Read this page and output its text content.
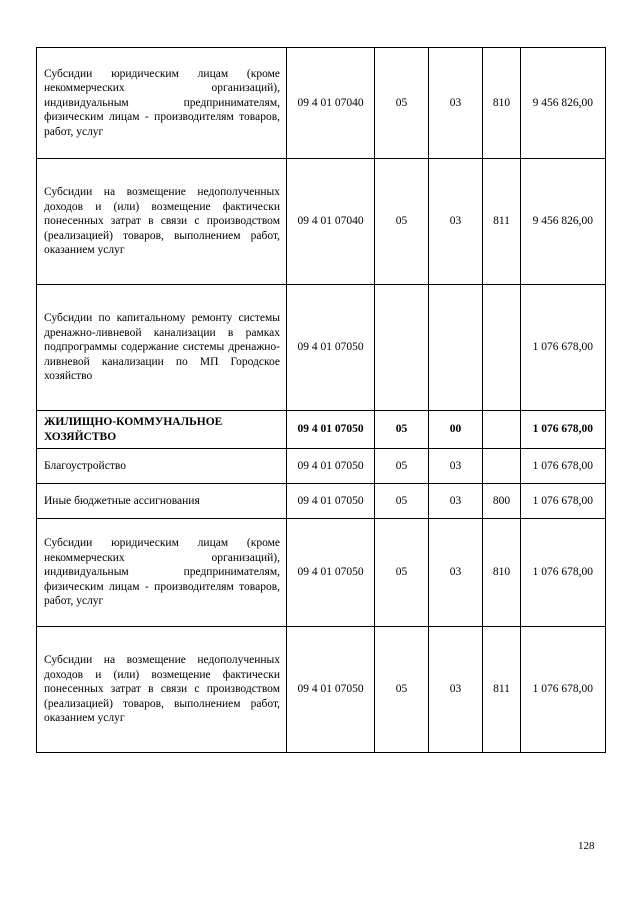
Субсидии юридическим лицам (кроме некоммерческих организаций), индивидуальным предпринимателям, физическим лицам - производителям товаров, работ, услуг	09 4 01 07040	05	03	810	9 456 826,00
Субсидии на возмещение недополученных доходов и (или) возмещение фактически понесенных затрат в связи с производством (реализацией) товаров, выполнением работ, оказанием услуг	09 4 01 07040	05	03	811	9 456 826,00
Субсидии по капитальному ремонту системы дренажно-ливневой канализации в рамках подпрограммы содержание системы дренажно-ливневой канализации по МП Городское хозяйство	09 4 01 07050				1 076 678,00
ЖИЛИЩНО-КОММУНАЛЬНОЕ ХОЗЯЙСТВО	09 4 01 07050	05	00		1 076 678,00
Благоустройство	09 4 01 07050	05	03		1 076 678,00
Иные бюджетные ассигнования	09 4 01 07050	05	03	800	1 076 678,00
Субсидии юридическим лицам (кроме некоммерческих организаций), индивидуальным предпринимателям, физическим лицам - производителям товаров, работ, услуг	09 4 01 07050	05	03	810	1 076 678,00
Субсидии на возмещение недополученных доходов и (или) возмещение фактически понесенных затрат в связи с производством (реализацией) товаров, выполнением работ, оказанием услуг	09 4 01 07050	05	03	811	1 076 678,00
128
